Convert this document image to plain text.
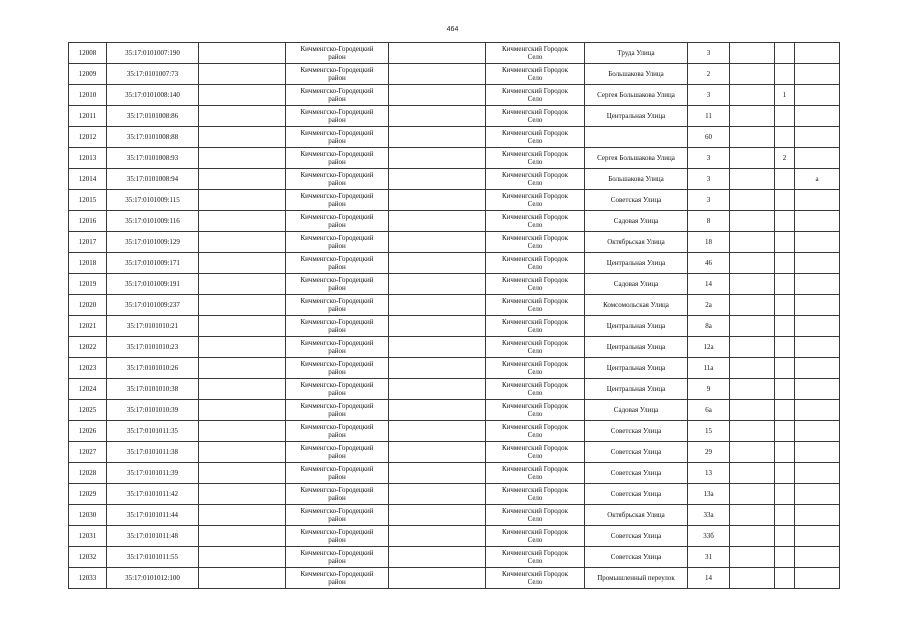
464
12008	35:17:0101007:190		Кичменгско-Городецкий
район		Кичменгский Городок
Село	Труда Улица	3			
12009	35:17:0101007:73		Кичменгско-Городецкий
район		Кичменгский Городок
Село	Большакова Улица	2			
12010	35:17:0101008:140		Кичменгско-Городецкий
район		Кичменгский Городок
Село	Сергея Большакова Улица	3		1	
12011	35:17:0101008:86		Кичменгско-Городецкий
район		Кичменгский Городок
Село	Центральная Улица	11			
12012	35:17:0101008:88		Кичменгско-Городецкий
район		Кичменгский Городок
Село		60			
12013	35:17:0101008:93		Кичменгско-Городецкий
район		Кичменгский Городок
Село	Сергея Большакова Улица	3		2	
12014	35:17:0101008:94		Кичменгско-Городецкий
район		Кичменгский Городок
Село	Большакова Улица	3			а
12015	35:17:0101009:115		Кичменгско-Городецкий
район		Кичменгский Городок
Село	Советская Улица	3			
12016	35:17:0101009:116		Кичменгско-Городецкий
район		Кичменгский Городок
Село	Садовая Улица	8			
12017	35:17:0101009:129		Кичменгско-Городецкий
район		Кичменгский Городок
Село	Октябрьская Улица	18			
12018	35:17:0101009:171		Кичменгско-Городецкий
район		Кичменгский Городок
Село	Центральная Улица	46			
12019	35:17:0101009:191		Кичменгско-Городецкий
район		Кичменгский Городок
Село	Садовая Улица	14			
12020	35:17:0101009:237		Кичменгско-Городецкий
район		Кичменгский Городок
Село	Комсомольская Улица	2а			
12021	35:17:0101010:21		Кичменгско-Городецкий
район		Кичменгский Городок
Село	Центральная Улица	8а			
12022	35:17:0101010:23		Кичменгско-Городецкий
район		Кичменгский Городок
Село	Центральная Улица	12а			
12023	35:17:0101010:26		Кичменгско-Городецкий
район		Кичменгский Городок
Село	Центральная Улица	11а			
12024	35:17:0101010:38		Кичменгско-Городецкий
район		Кичменгский Городок
Село	Центральная Улица	9			
12025	35:17:0101010:39		Кичменгско-Городецкий
район		Кичменгский Городок
Село	Садовая Улица	6а			
12026	35:17:0101011:35		Кичменгско-Городецкий
район		Кичменгский Городок
Село	Советская Улица	15			
12027	35:17:0101011:38		Кичменгско-Городецкий
район		Кичменгский Городок
Село	Советская Улица	29			
12028	35:17:0101011:39		Кичменгско-Городецкий
район		Кичменгский Городок
Село	Советская Улица	13			
12029	35:17:0101011:42		Кичменгско-Городецкий
район		Кичменгский Городок
Село	Советская Улица	13а			
12030	35:17:0101011:44		Кичменгско-Городецкий
район		Кичменгский Городок
Село	Октябрьская Улица	33а			
12031	35:17:0101011:48		Кичменгско-Городецкий
район		Кичменгский Городок
Село	Советская Улица	33б			
12032	35:17:0101011:55		Кичменгско-Городецкий
район		Кичменгский Городок
Село	Советская Улица	31			
12033	35:17:0101012:100		Кичменгско-Городецкий
район		Кичменгский Городок
Село	Промышленный переулок	14			
